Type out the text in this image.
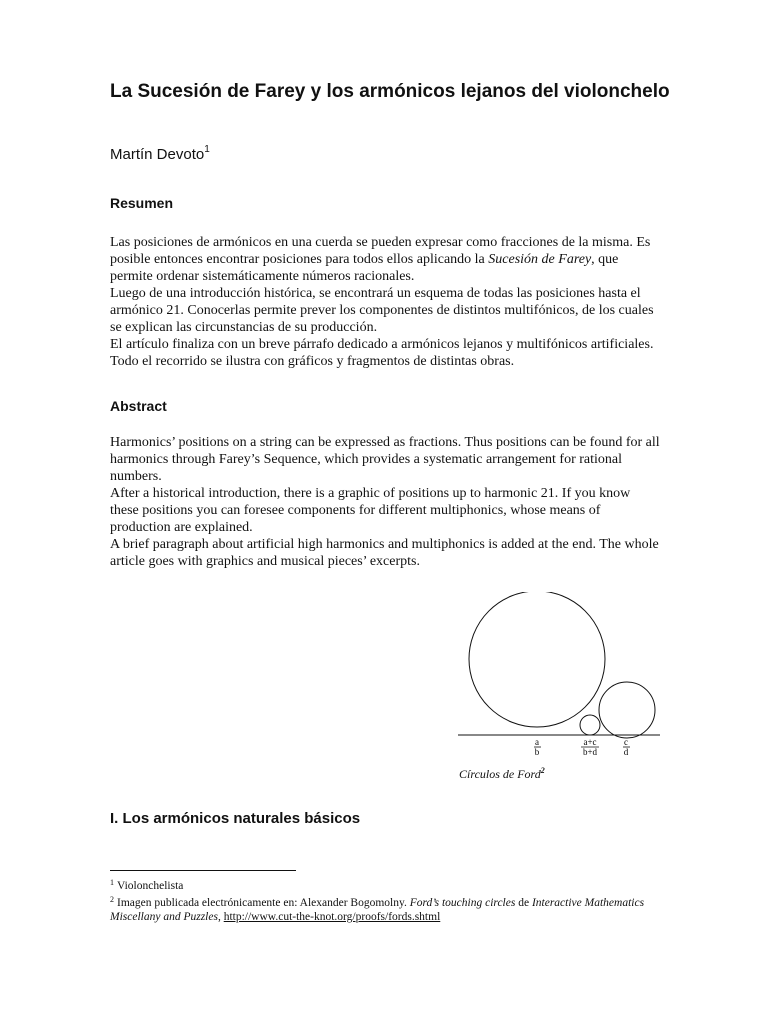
La Sucesión de Farey y los armónicos lejanos del violonchelo
Martín Devoto$^1$
Resumen

Las posiciones de armónicos en una cuerda se pueden expresar como fracciones de la misma. Es posible entonces encontrar posiciones para todos ellos aplicando la Sucesión de Farey, que permite ordenar sistemáticamente números racionales.

Luego de una introducción histórica, se encontrará un esquema de todas las posiciones hasta el armónico 21. Conocerlas permite prever los componentes de distintos multifónicos, de los cuales se explican las circunstancias de su producción.

El artículo finaliza con un breve párrafo dedicado a armónicos lejanos y multifónicos artificiales. Todo el recorrido se ilustra con gráficos y fragmentos de distintas obras.

Abstract

Harmonics’ positions on a string can be expressed as fractions. Thus positions can be found for all harmonics through Farey’s Sequence, which provides a systematic arrangement for rational numbers.

After a historical introduction, there is a graphic of positions up to harmonic 21. If you know these positions you can foresee components for different multiphonics, whose means of production are explained.

A brief paragraph about artificial high harmonics and multiphonics is added at the end. The whole article goes with graphics and musical pieces’ excerpts.

a
b
a+c
b+d
c
d
Círculos de Ford$^2$
I. Los armónicos naturales básicos

$^1$ Violonchelista

$^2$ Imagen publicada electrónicamente en: Alexander Bogomolny. Ford’s touching circles de Interactive Mathematics Miscellany and Puzzles, http://www.cut-the-knot.org/proofs/fords.shtml
